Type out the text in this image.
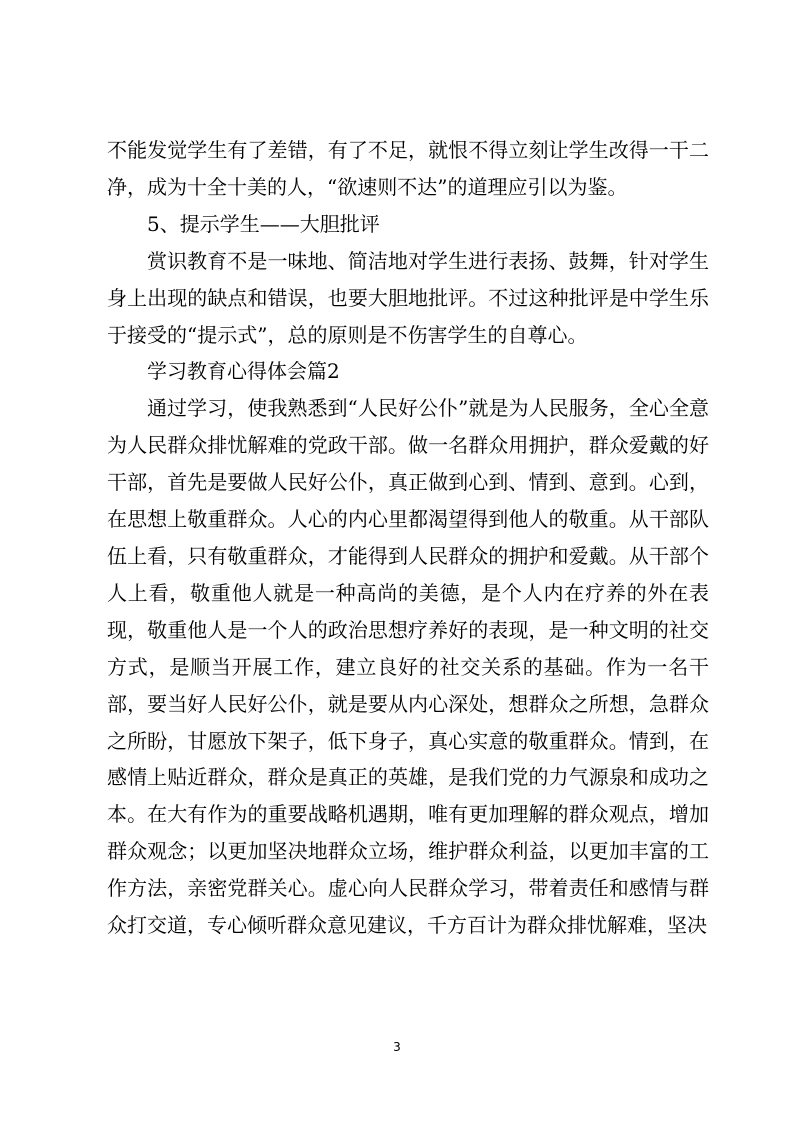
不能发觉学生有了差错，有了不足，就恨不得立刻让学生改得一干二净，成为十全十美的人，“欲速则不达”的道理应引以为鉴。

5、提示学生——大胆批评

赏识教育不是一味地、简洁地对学生进行表扬、鼓舞，针对学生身上出现的缺点和错误，也要大胆地批评。不过这种批评是中学生乐于接受的“提示式”，总的原则是不伤害学生的自尊心。

学习教育心得体会篇2

通过学习，使我熟悉到“人民好公仆”就是为人民服务，全心全意为人民群众排忧解难的党政干部。做一名群众用拥护，群众爱戴的好干部，首先是要做人民好公仆，真正做到心到、情到、意到。心到，在思想上敬重群众。人心的内心里都渴望得到他人的敬重。从干部队伍上看，只有敬重群众，才能得到人民群众的拥护和爱戴。从干部个人上看，敬重他人就是一种高尚的美德，是个人内在疗养的外在表现，敬重他人是一个人的政治思想疗养好的表现，是一种文明的社交方式，是顺当开展工作，建立良好的社交关系的基础。作为一名干部，要当好人民好公仆，就是要从内心深处，想群众之所想，急群众之所盼，甘愿放下架子，低下身子，真心实意的敬重群众。情到，在感情上贴近群众，群众是真正的英雄，是我们党的力气源泉和成功之本。在大有作为的重要战略机遇期，唯有更加理解的群众观点，增加群众观念；以更加坚决地群众立场，维护群众利益，以更加丰富的工作方法，亲密党群关心。虚心向人民群众学习，带着责任和感情与群众打交道，专心倾听群众意见建议，千方百计为群众排忧解难，坚决

3
